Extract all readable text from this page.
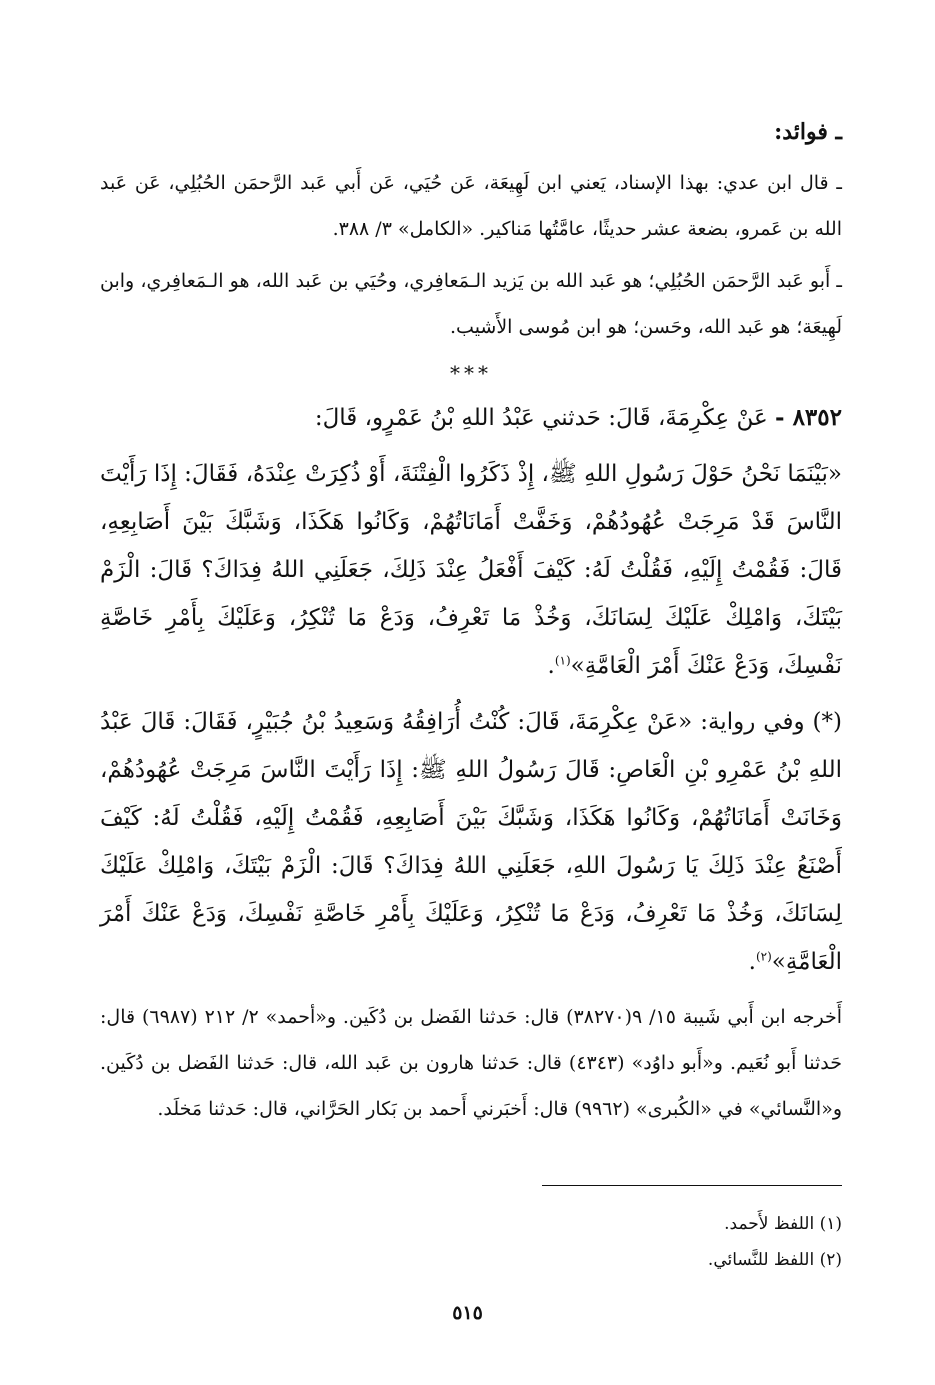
ـ فوائد:

ـ قال ابن عدي: بهذا الإسناد، يَعني ابن لَهِيعَة، عَن حُيَي، عَن أَبي عَبد الرَّحمَن الحُبُلِي، عَن عَبد الله بن عَمرو، بضعة عشر حديثًا، عامَّتُها مَناكير. «الكامل» ٣/ ٣٨٨.

ـ أَبو عَبد الرَّحمَن الحُبُلِي؛ هو عَبد الله بن يَزيد الـمَعافِري، وحُيَي بن عَبد الله، هو الـمَعافِري، وابن لَهِيعَة؛ هو عَبد الله، وحَسن؛ هو ابن مُوسى الأَشيب.

***

٨٣٥٢ - عَنْ عِكْرِمَةَ، قَالَ: حَدثني عَبْدُ اللهِ بْنُ عَمْرٍو، قَالَ:

«بَيْنَمَا نَحْنُ حَوْلَ رَسُولِ اللهِ ﷺ، إِذْ ذَكَرُوا الْفِتْنَةَ، أَوْ ذُكِرَتْ عِنْدَهُ، فَقَالَ: إِذَا رَأَيْتَ النَّاسَ قَدْ مَرِجَتْ عُهُودُهُمْ، وَخَفَّتْ أَمَانَاتُهُمْ، وَكَانُوا هَكَذَا، وَشَبَّكَ بَيْنَ أَصَابِعِهِ، قَالَ: فَقُمْتُ إِلَيْهِ، فَقُلْتُ لَهُ: كَيْفَ أَفْعَلُ عِنْدَ ذَلِكَ، جَعَلَنِي اللهُ فِدَاكَ؟ قَالَ: الْزَمْ بَيْتَكَ، وَامْلِكْ عَلَيْكَ لِسَانَكَ، وَخُذْ مَا تَعْرِفُ، وَدَعْ مَا تُنْكِرُ، وَعَلَيْكَ بِأَمْرِ خَاصَّةِ نَفْسِكَ، وَدَعْ عَنْكَ أَمْرَ الْعَامَّةِ»$^{(١)}$.

(*) وفي رواية: «عَنْ عِكْرِمَةَ، قَالَ: كُنْتُ أُرَافِقُهُ وَسَعِيدُ بْنُ جُبَيْرٍ، فَقَالَ: قَالَ عَبْدُ اللهِ بْنُ عَمْرِو بْنِ الْعَاصِ: قَالَ رَسُولُ اللهِ ﷺ: إِذَا رَأَيْتَ النَّاسَ مَرِجَتْ عُهُودُهُمْ، وَخَانَتْ أَمَانَاتُهُمْ، وَكَانُوا هَكَذَا، وَشَبَّكَ بَيْنَ أَصَابِعِهِ، فَقُمْتُ إِلَيْهِ، فَقُلْتُ لَهُ: كَيْفَ أَصْنَعُ عِنْدَ ذَلِكَ يَا رَسُولَ اللهِ، جَعَلَنِي اللهُ فِدَاكَ؟ قَالَ: الْزَمْ بَيْتَكَ، وَامْلِكْ عَلَيْكَ لِسَانَكَ، وَخُذْ مَا تَعْرِفُ، وَدَعْ مَا تُنْكِرُ، وَعَلَيْكَ بِأَمْرِ خَاصَّةِ نَفْسِكَ، وَدَعْ عَنْكَ أَمْرَ الْعَامَّةِ»$^{(٢)}$.

أَخرجه ابن أَبي شَيبة ١٥/ ٩(٣٨٢٧٠) قال: حَدثنا الفَضل بن دُكَين. و«أحمد» ٢/ ٢١٢ (٦٩٨٧) قال: حَدثنا أَبو نُعَيم. و«أَبو داوُد» (٤٣٤٣) قال: حَدثنا هارون بن عَبد الله، قال: حَدثنا الفَضل بن دُكَين. و«النَّسائي» في «الكُبرى» (٩٩٦٢) قال: أَخبَرني أَحمد بن بَكار الحَرَّاني، قال: حَدثنا مَخلَد.

(١) اللفظ لأَحمد.

(٢) اللفظ للنَّسائي.

٥١٥
